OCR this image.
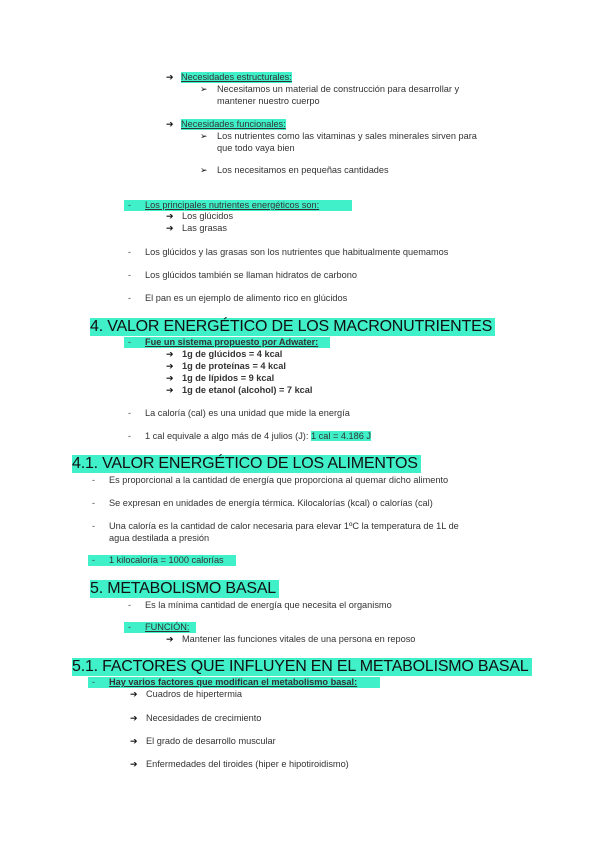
➔ Necesidades estructurales:
➢ Necesitamos un material de construcción para desarrollar y
mantener nuestro cuerpo
➔ Necesidades funcionales:
➢ Los nutrientes como las vitaminas y sales minerales sirven para
que todo vaya bien
➢ Los necesitamos en pequeñas cantidades
- Los principales nutrientes energéticos son:
➔ Los glúcidos
➔ Las grasas
- Los glúcidos y las grasas son los nutrientes que habitualmente quemamos
- Los glúcidos también se llaman hidratos de carbono
- El pan es un ejemplo de alimento rico en glúcidos
4. VALOR ENERGÉTICO DE LOS MACRONUTRIENTES
- Fue un sistema propuesto por Adwater:
➔ 1g de glúcidos = 4 kcal
➔ 1g de proteínas = 4 kcal
➔ 1g de lípidos = 9 kcal
➔ 1g de etanol (alcohol) = 7 kcal
- La caloría (cal) es una unidad que mide la energía
- 1 cal equivale a algo más de 4 julios (J): 1 cal = 4.186 J
4.1. VALOR ENERGÉTICO DE LOS ALIMENTOS
- Es proporcional a la cantidad de energía que proporciona al quemar dicho alimento
- Se expresan en unidades de energía térmica. Kilocalorías (kcal) o calorías (cal)
- Una caloría es la cantidad de calor necesaria para elevar 1ºC la temperatura de 1L de
agua destilada a presión
- 1 kilocaloría = 1000 calorías
5. METABOLISMO BASAL
- Es la mínima cantidad de energía que necesita el organismo
- FUNCIÓN:
➔ Mantener las funciones vitales de una persona en reposo
5.1. FACTORES QUE INFLUYEN EN EL METABOLISMO BASAL
- Hay varios factores que modifican el metabolismo basal:
➔ Cuadros de hipertermia
➔ Necesidades de crecimiento
➔ El grado de desarrollo muscular
➔ Enfermedades del tiroides (hiper e hipotiroidismo)
